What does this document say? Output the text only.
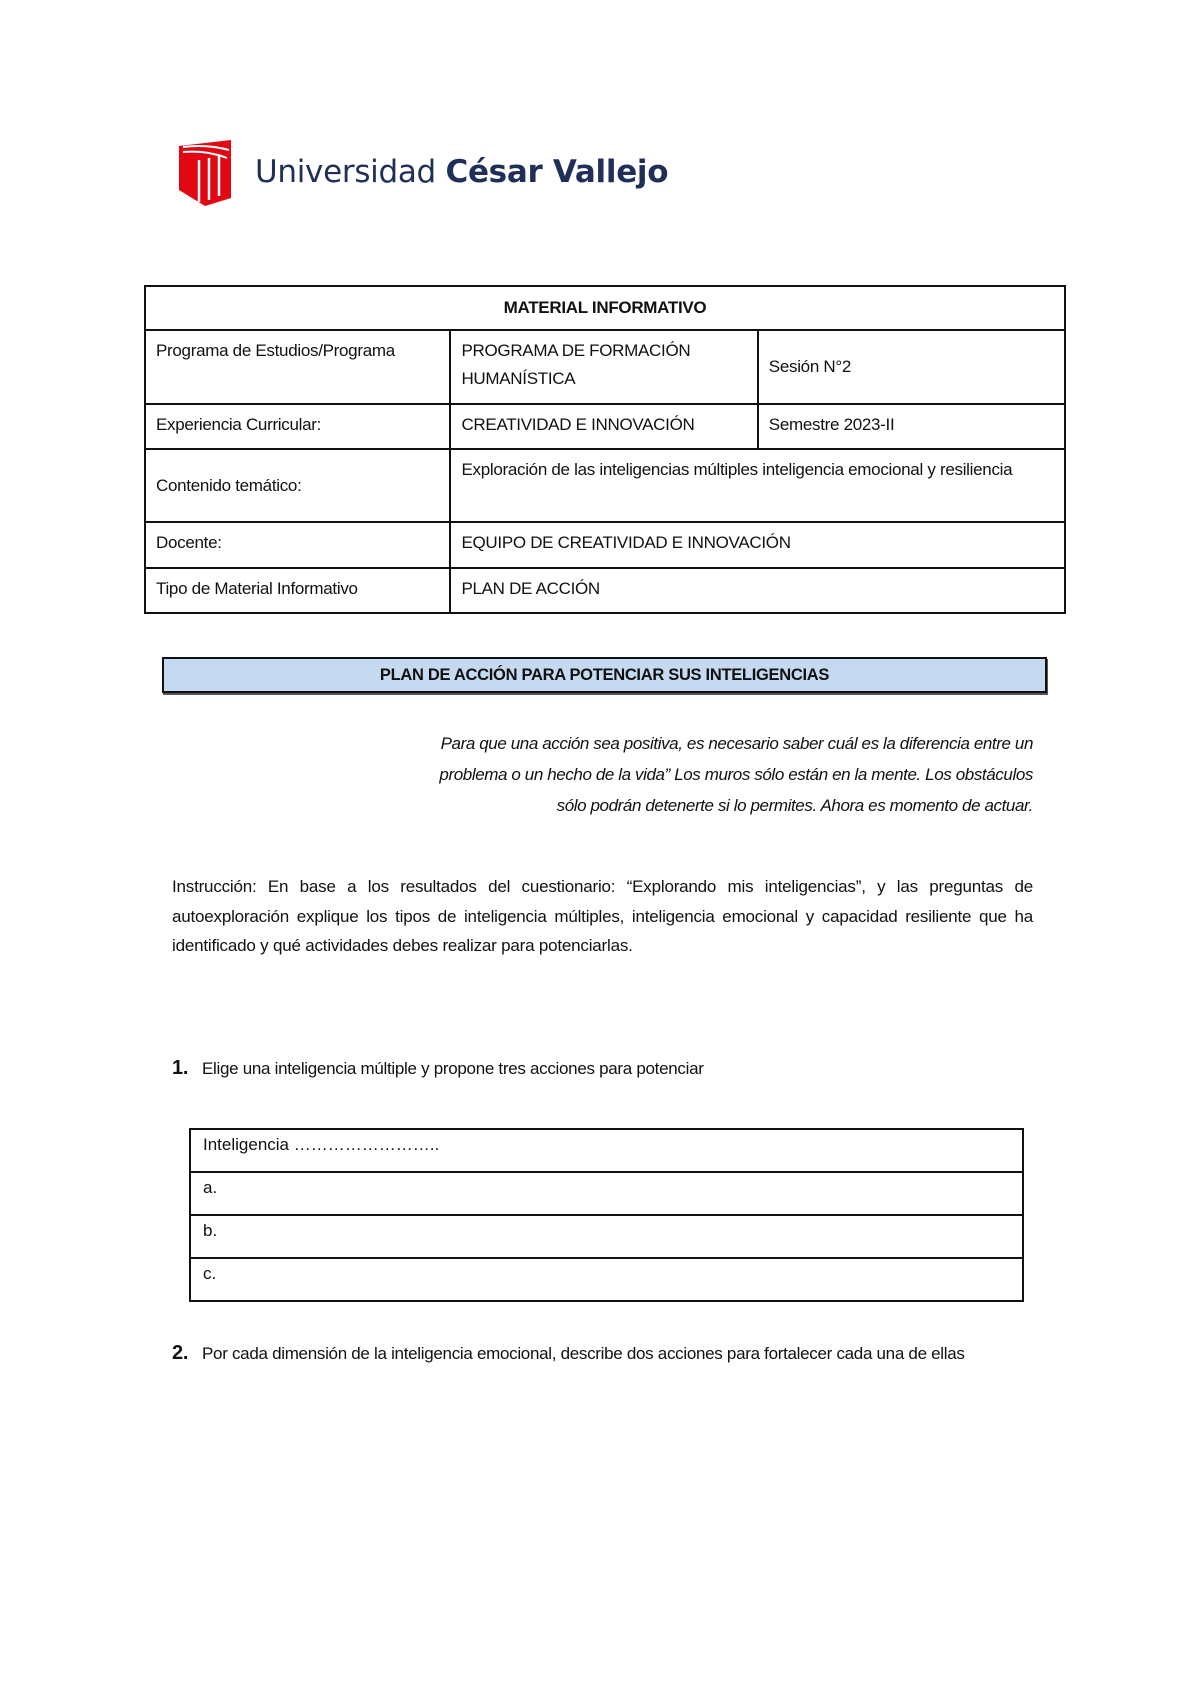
Universidad César Vallejo
MATERIAL INFORMATIVO		
Programa de Estudios/Programa	PROGRAMA DE FORMACIÓN HUMANÍSTICA	Sesión N°2
Experiencia Curricular:	CREATIVIDAD E INNOVACIÓN	Semestre 2023-II
Contenido temático:	Exploración de las inteligencias múltiples inteligencia emocional y resiliencia	
Docente:	EQUIPO DE CREATIVIDAD E INNOVACIÓN	
Tipo de Material Informativo	PLAN DE ACCIÓN	
PLAN DE ACCIÓN PARA POTENCIAR SUS INTELIGENCIAS
Para que una acción sea positiva, es necesario saber cuál es la diferencia entre un
problema o un hecho de la vida” Los muros sólo están en la mente. Los obstáculos
sólo podrán detenerte si lo permites. Ahora es momento de actuar.
Instrucción: En base a los resultados del cuestionario: “Explorando mis inteligencias”, y las preguntas de autoexploración explique los tipos de inteligencia múltiples, inteligencia emocional y capacidad resiliente que ha identificado y qué actividades debes realizar para potenciarlas.
1. Elige una inteligencia múltiple y propone tres acciones para potenciar
Inteligencia ……………………..
a.
b.
c.
2. Por cada dimensión de la inteligencia emocional, describe dos acciones para fortalecer cada una de ellas
